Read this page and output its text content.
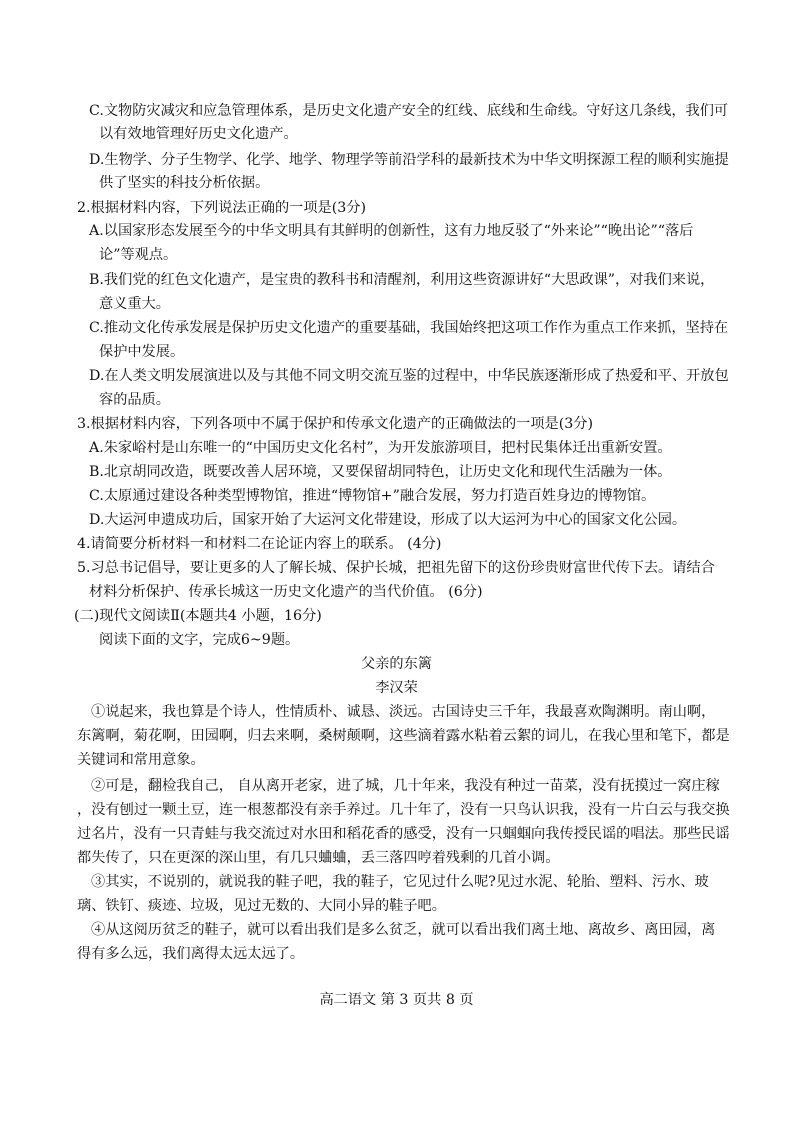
C.文物防灾减灾和应急管理体系，是历史文化遗产安全的红线、底线和生命线。守好这几条线，我们可
以有效地管理好历史文化遗产。
D.生物学、分子生物学、化学、地学、物理学等前沿学科的最新技术为中华文明探源工程的顺利实施提
供了坚实的科技分析依据。
2.根据材料内容，下列说法正确的一项是(3分)
A.以国家形态发展至今的中华文明具有其鲜明的创新性，这有力地反驳了“外来论”“晚出论”“落后
论”等观点。
B.我们党的红色文化遗产，是宝贵的教科书和清醒剂，利用这些资源讲好“大思政课”，对我们来说，
意义重大。
C.推动文化传承发展是保护历史文化遗产的重要基础，我国始终把这项工作作为重点工作来抓，坚持在
保护中发展。
D.在人类文明发展演进以及与其他不同文明交流互鉴的过程中，中华民族逐渐形成了热爱和平、开放包
容的品质。
3.根据材料内容，下列各项中不属于保护和传承文化遗产的正确做法的一项是(3分)
A.朱家峪村是山东唯一的“中国历史文化名村”，为开发旅游项目，把村民集体迁出重新安置。
B.北京胡同改造，既要改善人居环境，又要保留胡同特色，让历史文化和现代生活融为一体。
C.太原通过建设各种类型博物馆，推进“博物馆+”融合发展，努力打造百姓身边的博物馆。
D.大运河申遗成功后，国家开始了大运河文化带建设，形成了以大运河为中心的国家文化公园。
4.请简要分析材料一和材料二在论证内容上的联系。 (4分)
5.习总书记倡导，要让更多的人了解长城、保护长城，把祖先留下的这份珍贵财富世代传下去。请结合
材料分析保护、传承长城这一历史文化遗产的当代价值。 (6分)
(二)现代文阅读Ⅱ(本题共4 小题，16分)
阅读下面的文字，完成6~9题。
父亲的东篱
李汉荣
①说起来，我也算是个诗人，性情质朴、诚恳、淡远。古国诗史三千年，我最喜欢陶渊明。南山啊，
东篱啊，菊花啊，田园啊，归去来啊，桑树颠啊，这些滴着露水粘着云絮的词儿，在我心里和笔下，都是
关键词和常用意象。
②可是，翻检我自己， 自从离开老家，进了城，几十年来，我没有种过一苗菜，没有抚摸过一窝庄稼
，没有刨过一颗土豆，连一根葱都没有亲手养过。几十年了，没有一只鸟认识我，没有一片白云与我交换
过名片，没有一只青蛙与我交流过对水田和稻花香的感受，没有一只蝈蝈向我传授民谣的唱法。那些民谣
都失传了，只在更深的深山里，有几只蛐蛐，丢三落四哼着残剩的几首小调。
③其实，不说别的，就说我的鞋子吧，我的鞋子，它见过什么呢?见过水泥、轮胎、塑料、污水、玻
璃、铁钉、痰迹、垃圾，见过无数的、大同小异的鞋子吧。
④从这阅历贫乏的鞋子，就可以看出我们是多么贫乏，就可以看出我们离土地、离故乡、离田园，离
得有多么远，我们离得太远太远了。
高二语文 第 3 页共 8 页
